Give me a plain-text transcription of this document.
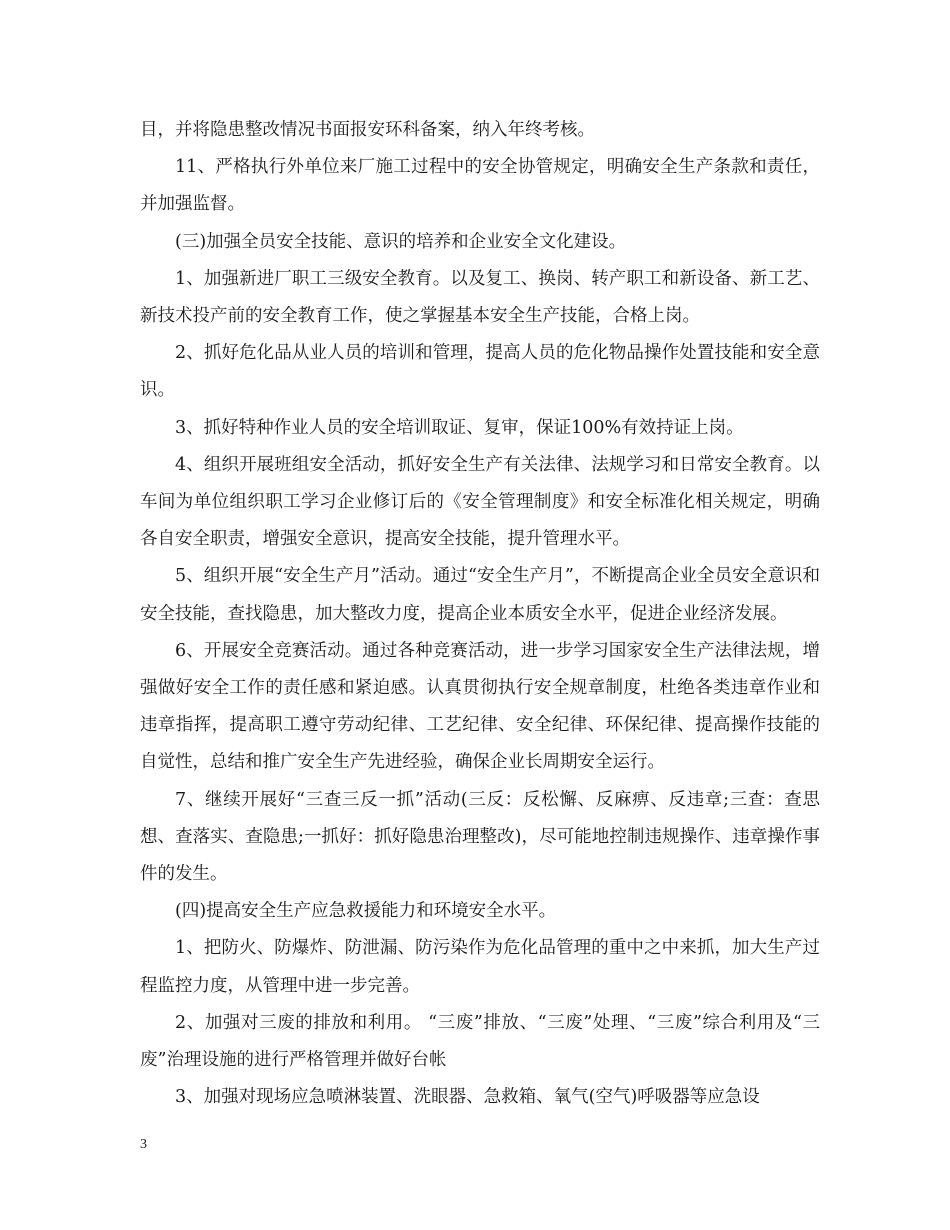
目，并将隐患整改情况书面报安环科备案，纳入年终考核。

11、严格执行外单位来厂施工过程中的安全协管规定，明确安全生产条款和责任，并加强监督。

(三)加强全员安全技能、意识的培养和企业安全文化建设。

1、加强新进厂职工三级安全教育。以及复工、换岗、转产职工和新设备、新工艺、新技术投产前的安全教育工作，使之掌握基本安全生产技能，合格上岗。

2、抓好危化品从业人员的培训和管理，提高人员的危化物品操作处置技能和安全意识。

3、抓好特种作业人员的安全培训取证、复审，保证100%有效持证上岗。

4、组织开展班组安全活动，抓好安全生产有关法律、法规学习和日常安全教育。以车间为单位组织职工学习企业修订后的《安全管理制度》和安全标准化相关规定，明确各自安全职责，增强安全意识，提高安全技能，提升管理水平。

5、组织开展“安全生产月”活动。通过“安全生产月”，不断提高企业全员安全意识和安全技能，查找隐患，加大整改力度，提高企业本质安全水平，促进企业经济发展。

6、开展安全竞赛活动。通过各种竞赛活动，进一步学习国家安全生产法律法规，增强做好安全工作的责任感和紧迫感。认真贯彻执行安全规章制度，杜绝各类违章作业和违章指挥，提高职工遵守劳动纪律、工艺纪律、安全纪律、环保纪律、提高操作技能的自觉性，总结和推广安全生产先进经验，确保企业长周期安全运行。

7、继续开展好“三查三反一抓”活动(三反：反松懈、反麻痹、反违章;三查：查思想、查落实、查隐患;一抓好：抓好隐患治理整改)，尽可能地控制违规操作、违章操作事件的发生。

(四)提高安全生产应急救援能力和环境安全水平。

1、把防火、防爆炸、防泄漏、防污染作为危化品管理的重中之中来抓，加大生产过程监控力度，从管理中进一步完善。

2、加强对三废的排放和利用。 “三废”排放、“三废”处理、“三废”综合利用及“三废”治理设施的进行严格管理并做好台帐

3、加强对现场应急喷淋装置、洗眼器、急救箱、氧气(空气)呼吸器等应急设

3
